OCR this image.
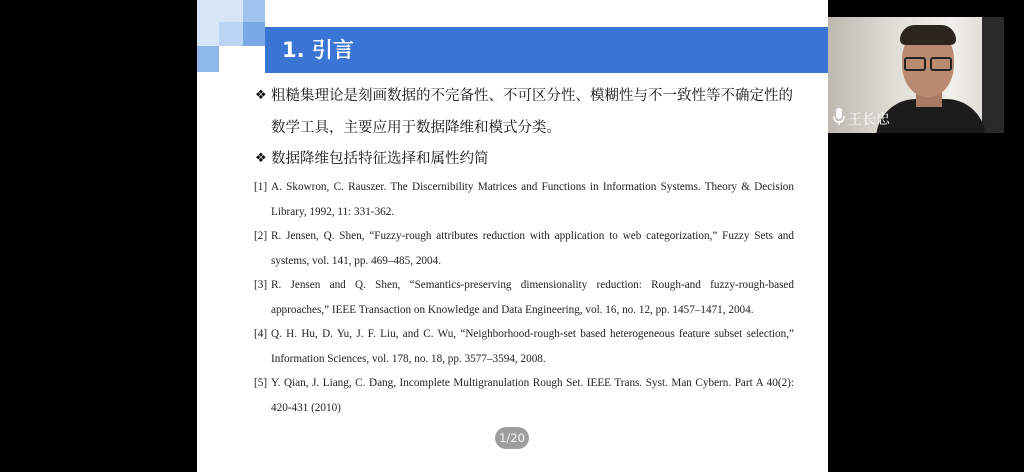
1. 引言
❖ 粗糙集理论是刻画数据的不完备性、不可区分性、模糊性与不一致性等不确定性的数学工具，主要应用于数据降维和模式分类。
❖ 数据降维包括特征选择和属性约简
[1] A. Skowron, C. Rauszer. The Discernibility Matrices and Functions in Information Systems. Theory & Decision Library, 1992, 11: 331-362.
[2] R. Jensen, Q. Shen, “Fuzzy-rough attributes reduction with application to web categorization,” Fuzzy Sets and systems, vol. 141, pp. 469–485, 2004.
[3] R. Jensen and Q. Shen, “Semantics-preserving dimensionality reduction: Rough-and fuzzy-rough-based approaches,” IEEE Transaction on Knowledge and Data Engineering, vol. 16, no. 12, pp. 1457–1471, 2004.
[4] Q. H. Hu, D. Yu, J. F. Liu, and C. Wu, “Neighborhood-rough-set based heterogeneous feature subset selection,” Information Sciences, vol. 178, no. 18, pp. 3577–3594, 2008.
[5] Y. Qian, J. Liang, C. Dang, Incomplete Multigranulation Rough Set. IEEE Trans. Syst. Man Cybern. Part A 40(2): 420-431 (2010)
1/20
王长忠
